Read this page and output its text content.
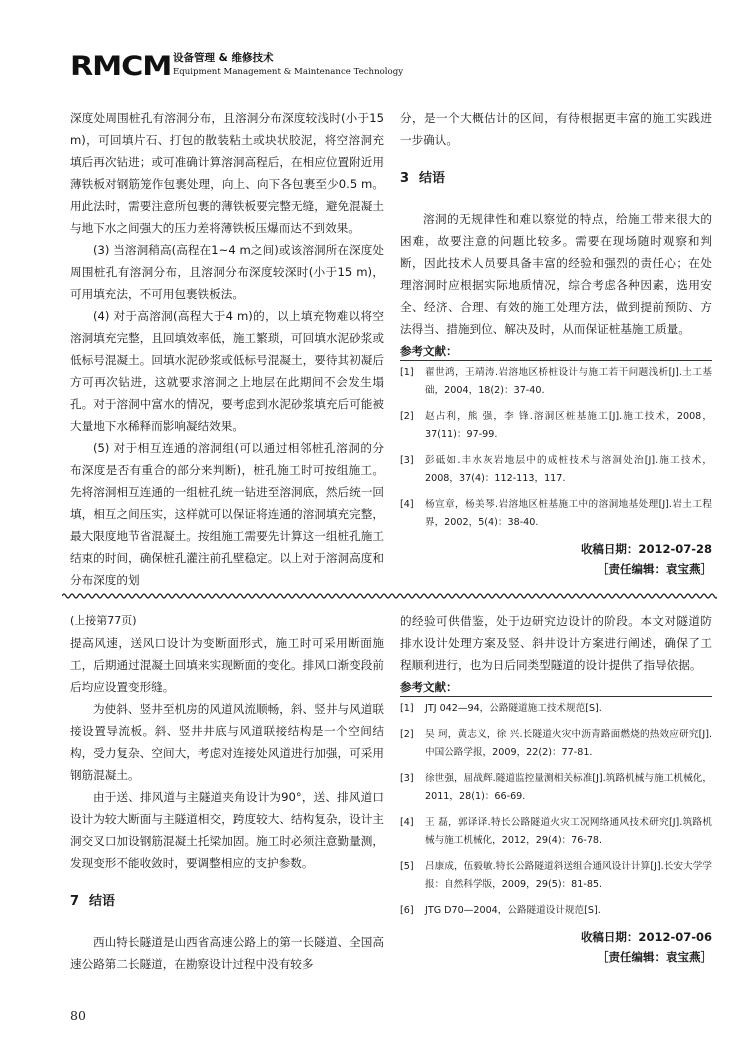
RMCM 设备管理 & 维修技术
Equipment Management & Maintenance Technology

深度处周围桩孔有溶洞分布，且溶洞分布深度较浅时(小于15 m)，可回填片石、打包的散装粘土或块状胶泥，将空溶洞充填后再次钻进；或可准确计算溶洞高程后，在相应位置附近用薄铁板对钢筋笼作包裹处理，向上、向下各包裹至少0.5 m。用此法时，需要注意所包裹的薄铁板要完整无缝，避免混凝土与地下水之间强大的压力差将薄铁板压爆而达不到效果。

(3) 当溶洞稍高(高程在1~4 m之间)或该溶洞所在深度处周围桩孔有溶洞分布，且溶洞分布深度较深时(小于15 m)，可用填充法，不可用包裹铁板法。

(4) 对于高溶洞(高程大于4 m)的，以上填充物难以将空溶洞填充完整，且回填效率低，施工繁琐，可回填水泥砂浆或低标号混凝土。回填水泥砂浆或低标号混凝土，要待其初凝后方可再次钻进，这就要求溶洞之上地层在此期间不会发生塌孔。对于溶洞中富水的情况，要考虑到水泥砂浆填充后可能被大量地下水稀释而影响凝结效果。

(5) 对于相互连通的溶洞组(可以通过相邻桩孔溶洞的分布深度是否有重合的部分来判断)，桩孔施工时可按组施工。先将溶洞相互连通的一组桩孔统一钻进至溶洞底，然后统一回填，相互之间压实，这样就可以保证将连通的溶洞填充完整，最大限度地节省混凝土。按组施工需要先计算这一组桩孔施工结束的时间，确保桩孔灌注前孔壁稳定。以上对于溶洞高度和分布深度的划

分，是一个大概估计的区间，有待根据更丰富的施工实践进一步确认。

3 结语

溶洞的无规律性和难以察觉的特点，给施工带来很大的困难，故要注意的问题比较多。需要在现场随时观察和判断，因此技术人员要具备丰富的经验和强烈的责任心；在处理溶洞时应根据实际地质情况，综合考虑各种因素，选用安全、经济、合理、有效的施工处理方法，做到提前预防、方法得当、措施到位、解决及时，从而保证桩基施工质量。

参考文献：
[1] 翟世鸿，王靖涛.岩溶地区桥桩设计与施工若干问题浅析[J].土工基础，2004，18(2)：37-40.
[2] 赵占利，熊 强，李 锋.溶洞区桩基施工[J].施工技术，2008，37(11)：97-99.
[3] 彭砥如.丰水灰岩地层中的成桩技术与溶洞处治[J].施工技术，2008，37(4)：112-113，117.
[4] 杨宣章，杨美琴.岩溶地区桩基施工中的溶洞地基处理[J].岩土工程界，2002，5(4)：38-40.
收稿日期：2012-07-28
［责任编辑：袁宝燕］

(上接第77页)

提高风速，送风口设计为变断面形式，施工时可采用断面施工，后期通过混凝土回填来实现断面的变化。排风口渐变段前后均应设置变形缝。

为使斜、竖井至机房的风道风流顺畅，斜、竖井与风道联接设置导流板。斜、竖井井底与风道联接结构是一个空间结构，受力复杂、空间大，考虑对连接处风道进行加强，可采用钢筋混凝土。

由于送、排风道与主隧道夹角设计为90°，送、排风道口设计为较大断面与主隧道相交，跨度较大、结构复杂，设计主洞交叉口加设钢筋混凝土托梁加固。施工时必须注意勤量测，发现变形不能收敛时，要调整相应的支护参数。

7 结语

西山特长隧道是山西省高速公路上的第一长隧道、全国高速公路第二长隧道，在勘察设计过程中没有较多

的经验可供借鉴，处于边研究边设计的阶段。本文对隧道防排水设计处理方案及竖、斜井设计方案进行阐述，确保了工程顺利进行，也为日后同类型隧道的设计提供了指导依据。

参考文献：
[1] JTJ 042—94，公路隧道施工技术规范[S].
[2] 吴 珂，黄志义，徐 兴.长隧道火灾中沥青路面燃烧的热效应研究[J].中国公路学报，2009，22(2)：77-81.
[3] 徐世强，屈战辉.隧道监控量测相关标准[J].筑路机械与施工机械化，2011，28(1)：66-69.
[4] 王 磊，郭译译.特长公路隧道火灾工况网络通风技术研究[J].筑路机械与施工机械化，2012，29(4)：76-78.
[5] 吕康成，伍毅敏.特长公路隧道斜送组合通风设计计算[J].长安大学学报：自然科学版，2009，29(5)：81-85.
[6] JTG D70—2004，公路隧道设计规范[S].
收稿日期：2012-07-06
［责任编辑：袁宝燕］
80
